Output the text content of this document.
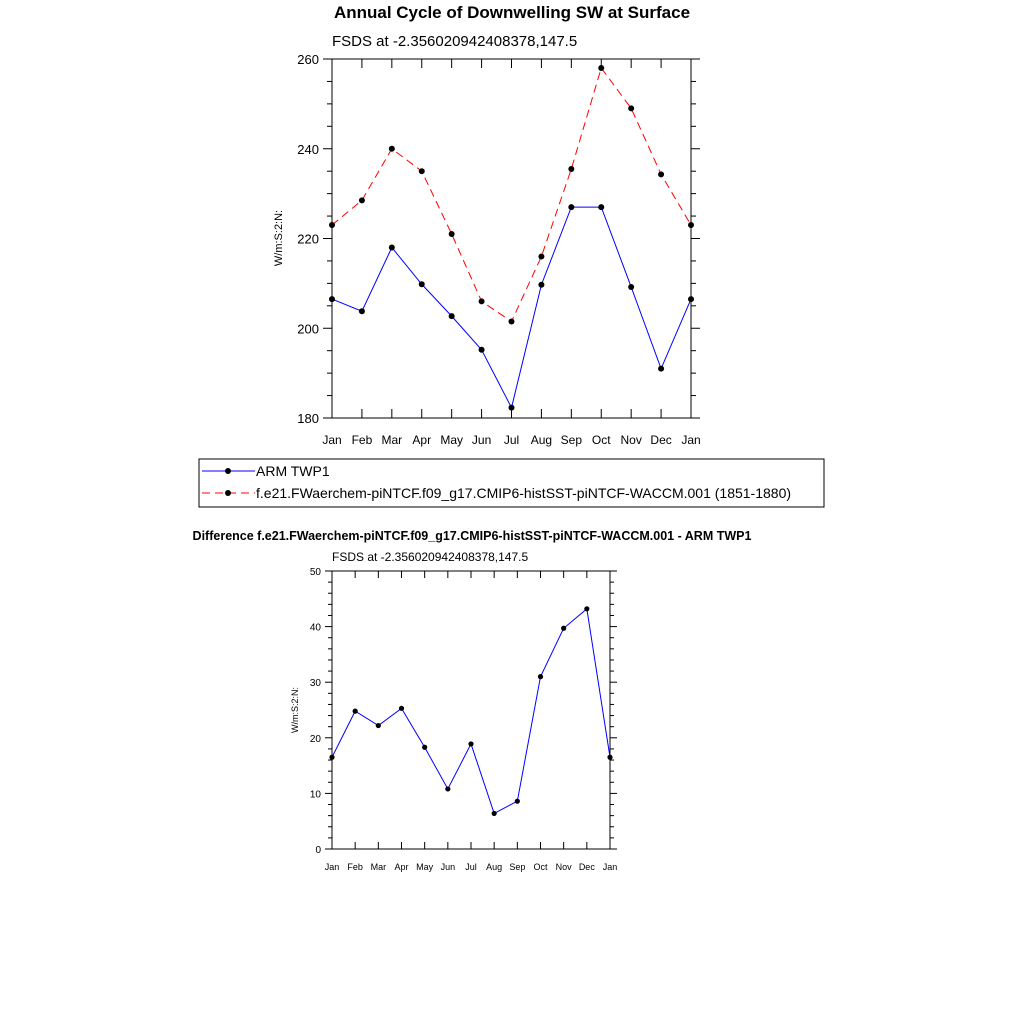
Annual Cycle of Downwelling SW at Surface
FSDS at -2.356020942408378,147.5
W/m:S:2:N:
Jan Feb Mar Apr May Jun Jul Aug Sep Oct Nov Dec Jan
180
200
220
240
260
ARM TWP1
f.e21.FWaerchem-piNTCF.f09_g17.CMIP6-histSST-piNTCF-WACCM.001 (1851-1880)
Difference f.e21.FWaerchem-piNTCF.f09_g17.CMIP6-histSST-piNTCF-WACCM.001 - ARM TWP1
FSDS at -2.356020942408378,147.5
W/m:S:2:N:
Jan Feb Mar Apr May Jun Jul Aug Sep Oct Nov Dec Jan
0
10
20
30
40
50
